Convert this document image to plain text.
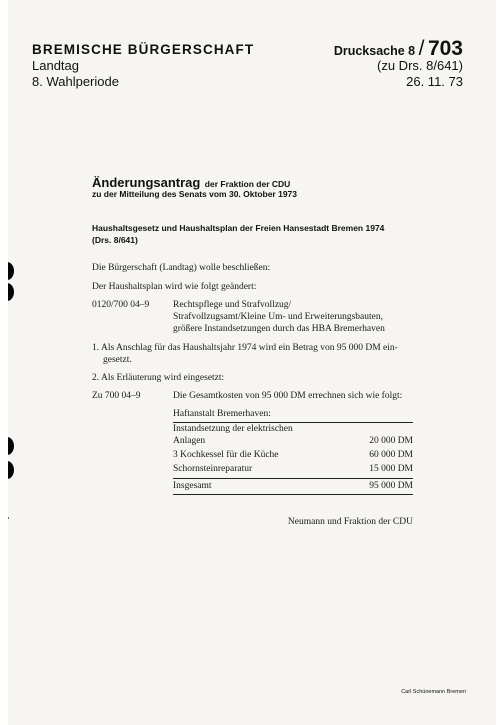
BREMISCHE BÜRGERSCHAFT
Landtag
8. Wahlperiode
Drucksache 8 / 703
(zu Drs. 8/641)
26. 11. 73
Änderungsantrag der Fraktion der CDU
zu der Mitteilung des Senats vom 30. Oktober 1973
Haushaltsgesetz und Haushaltsplan der Freien Hansestadt Bremen 1974
(Drs. 8/641)
Die Bürgerschaft (Landtag) wolle beschließen:
Der Haushaltsplan wird wie folgt geändert:
0120/700 04–9 Rechtspflege und Strafvollzug/
Strafvollzugsamt/Kleine Um- und Erweiterungsbauten,
größere Instandsetzungen durch das HBA Bremerhaven
1. Als Anschlag für das Haushaltsjahr 1974 wird ein Betrag von 95 000 DM ein-
gesetzt.
2. Als Erläuterung wird eingesetzt:
Zu 700 04–9	Die Gesamtkosten von 95 000 DM errechnen sich wie folgt:
Haftanstalt Bremerhaven:
Instandsetzung der elektrischen
Anlagen	20 000 DM
3 Kochkessel für die Küche	60 000 DM
Schornsteinreparatur	15 000 DM
Insgesamt	95 000 DM
Neumann und Fraktion der CDU
Carl Schünemann Bremen
